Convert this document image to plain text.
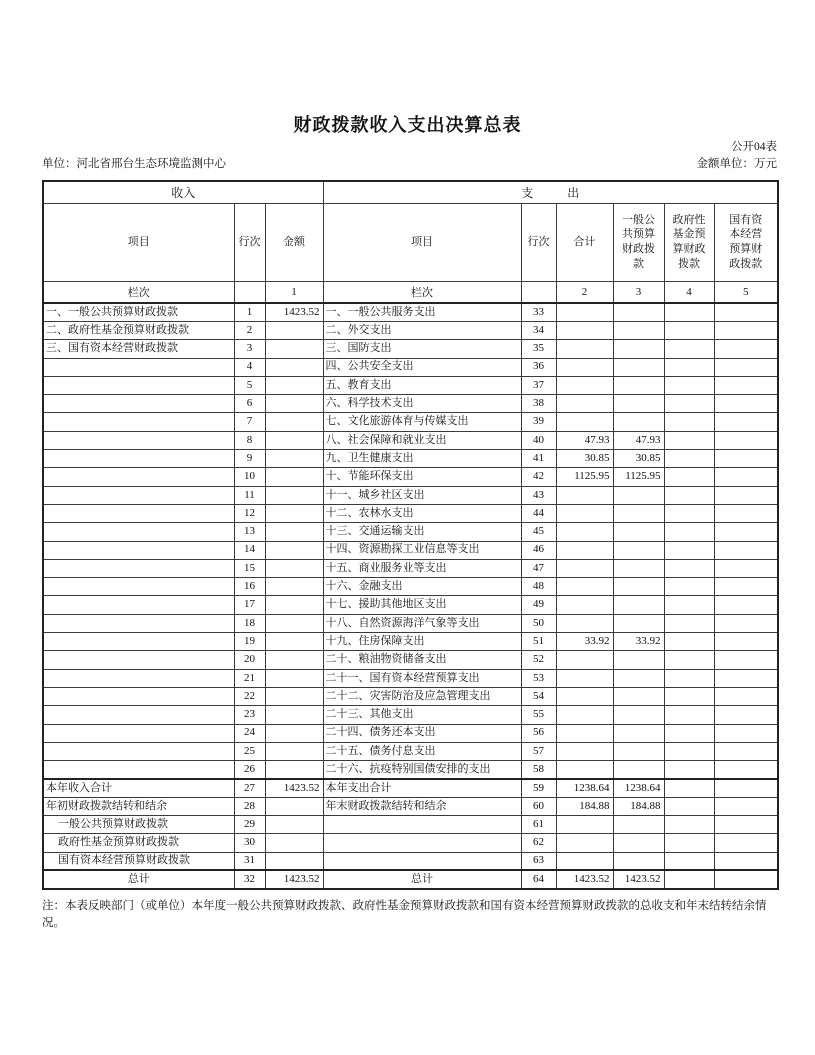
财政拨款收入支出决算总表
公开04表
单位：河北省邢台生态环境监测中心	金额单位：万元
收入			支出					
项目	行次	金额	项目	行次	合计	一般公共预算财政拨款	政府性基金预算财政拨款	国有资本经营预算财政拨款

栏次		1	栏次		2	3	4	5
一、一般公共预算财政拨款	1	1423.52	一、一般公共服务支出	33				
二、政府性基金预算财政拨款	2		二、外交支出	34				
三、国有资本经营财政拨款	3		三、国防支出	35				
	4		四、公共安全支出	36				
	5		五、教育支出	37				
	6		六、科学技术支出	38				
	7		七、文化旅游体育与传媒支出	39				
	8		八、社会保障和就业支出	40	47.93	47.93		
	9		九、卫生健康支出	41	30.85	30.85		
	10		十、节能环保支出	42	1125.95	1125.95		
	11		十一、城乡社区支出	43				
	12		十二、农林水支出	44				
	13		十三、交通运输支出	45				
	14		十四、资源勘探工业信息等支出	46				
	15		十五、商业服务业等支出	47				
	16		十六、金融支出	48				
	17		十七、援助其他地区支出	49				
	18		十八、自然资源海洋气象等支出	50				
	19		十九、住房保障支出	51	33.92	33.92		
	20		二十、粮油物资储备支出	52				
	21		二十一、国有资本经营预算支出	53				
	22		二十二、灾害防治及应急管理支出	54				
	23		二十三、其他支出	55				
	24		二十四、债务还本支出	56				
	25		二十五、债务付息支出	57				
	26		二十六、抗疫特别国债安排的支出	58				
本年收入合计	27	1423.52	本年支出合计	59	1238.64	1238.64		
年初财政拨款结转和结余	28		年末财政拨款结转和结余	60	184.88	184.88		
一般公共预算财政拨款	29			61				
政府性基金预算财政拨款	30			62				
国有资本经营预算财政拨款	31			63				
总计	32	1423.52	总计	64	1423.52	1423.52		
注：本表反映部门（或单位）本年度一般公共预算财政拨款、政府性基金预算财政拨款和国有资本经营预算财政拨款的总收支和年末结转结余情况。
